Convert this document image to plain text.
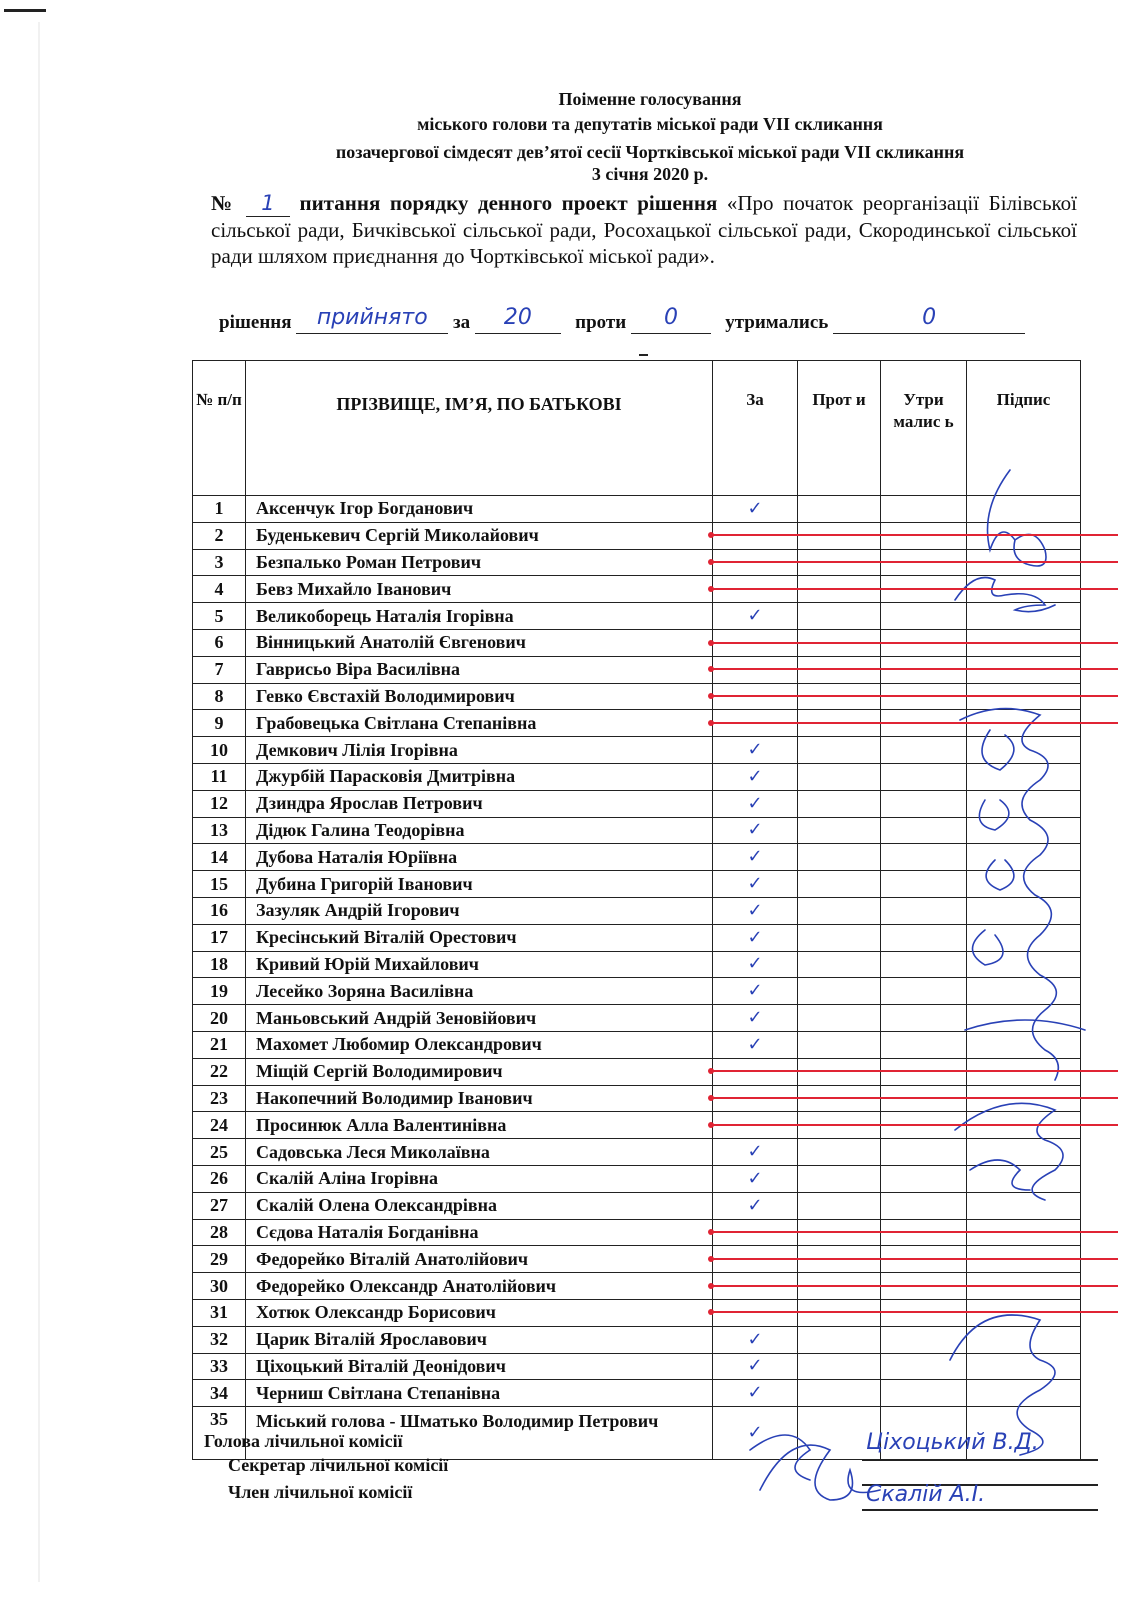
Поіменне голосування
міського голови та депутатів міської ради VII скликання
позачергової сімдесят дев’ятої сесії Чортківської міської ради VII скликання
3 січня 2020 р.
№ 1 питання порядку денного проект рішення «Про початок реорганізації Білівської сільської ради, Бичківської сільської ради, Росохацької сільської ради, Скородинської сільської ради шляхом приєднання до Чортківської міської ради».
рішення прийнято за 20 проти 0 утримались	0
№ п/п	ПРІЗВИЩЕ, ІМ’Я, ПО БАТЬКОВІ	За	Прот и	Утри малис ь	Підпис
1	Аксенчук Ігор Богданович	✓			
2	Буденькевич Сергій Миколайович				
3	Безпалько Роман Петрович				
4	Бевз Михайло Іванович				
5	Великоборець Наталія Ігорівна	✓			
6	Вінницький Анатолій Євгенович				
7	Гаврисьо Віра Василівна				
8	Гевко Євстахій Володимирович				
9	Грабовецька Світлана Степанівна				
10	Демкович Лілія Ігорівна	✓			
11	Джурбій Парасковія Дмитрівна	✓			
12	Дзиндра Ярослав Петрович	✓			
13	Дідюк Галина Теодорівна	✓			
14	Дубова Наталія Юріївна	✓			
15	Дубина Григорій Іванович	✓			
16	Зазуляк Андрій Ігорович	✓			
17	Кресінський Віталій Орестович	✓			
18	Кривий Юрій Михайлович	✓			
19	Лесейко Зоряна Василівна	✓			
20	Маньовський Андрій Зеновійович	✓			
21	Махомет Любомир Олександрович	✓			
22	Міщій Сергій Володимирович				
23	Накопечний Володимир Іванович				
24	Просинюк Алла Валентинівна				
25	Садовська Леся Миколаївна	✓			
26	Скалій Аліна Ігорівна	✓			
27	Скалій Олена Олександрівна	✓			
28	Сєдова Наталія Богданівна				
29	Федорейко Віталій Анатолійович				
30	Федорейко Олександр Анатолійович				
31	Хотюк Олександр Борисович				
32	Царик Віталій Ярославович	✓			
33	Ціхоцький Віталій Деонідович	✓			
34	Черниш Світлана Степанівна	✓			
35	Міський голова - Шматько Володимир Петрович	✓			
Голова лічильної комісії
Секретар лічильної комісії
Член лічильної комісії
Ціхоцький В.Д.
Скалій А.І.
